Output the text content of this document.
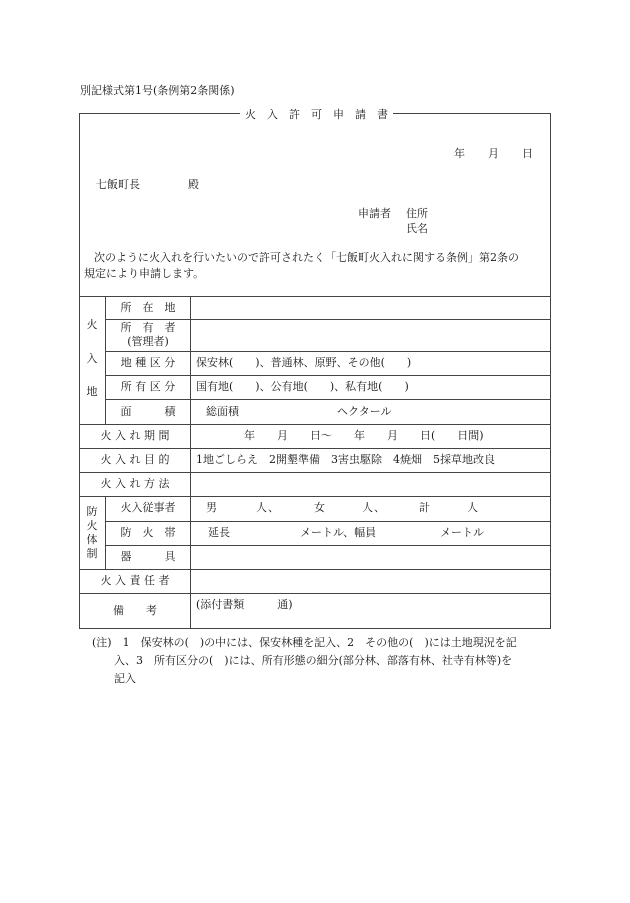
別記様式第1号(条例第2条関係)
火　入　許　可　申　請　書
年 月 日
七飯町長	殿
申請者 住所
氏名
次のように火入れを行いたいので許可されたく「七飯町火入れに関する条例」第2条の
規定により申請します。
火
入
地
所　在　地
所　有　者
(管理者)
地 種 区 分	保安林(　　)、普通林、原野、その他(　　)
所 有 区 分	国有地(　　)、公有地(　　)、私有地(　　)
面　　　積	総面積	ヘクタール
火 入 れ 期 間	年　　月　　日〜　　年　　月　　日(　　日間)
火 入 れ 目 的	1地ごしらえ　2開墾準備　3害虫駆除　4焼畑　5採草地改良
火 入 れ 方 法
防
火
体
制
火入従事者	男	人 、	女	人 、	計	人
防　火　帯	延長	メートル、幅員	メートル
器　　　具
火 入 責 任 者
備　　考	(添付書類　　　通)
(注)　1　保安林の(　)の中には、保安林種を記入、2　その他の(　)には土地現況を記
入、3　所有区分の(　)には、所有形態の細分(部分林、部落有林、社寺有林等)を
記入
